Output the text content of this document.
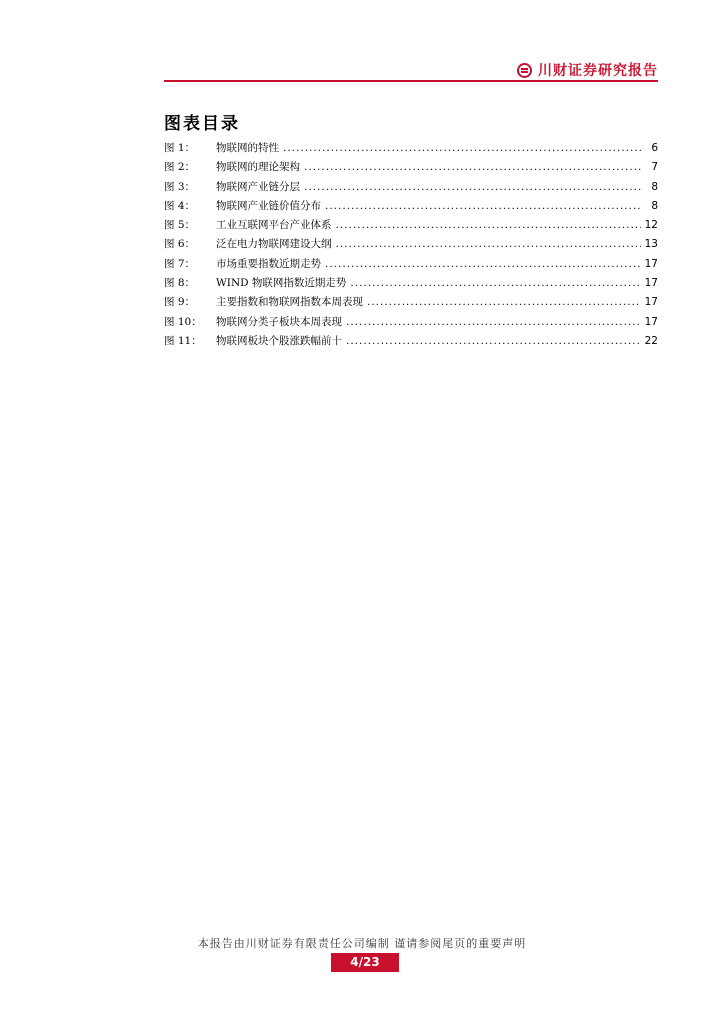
川财证券研究报告
图表目录
图 1：	物联网的特性 .....	6
图 2：	物联网的理论架构 .....	7
图 3：	物联网产业链分层 .....	8
图 4：	物联网产业链价值分布 .....	8
图 5：	工业互联网平台产业体系 .....	12
图 6：	泛在电力物联网建设大纲 .....	13
图 7：	市场重要指数近期走势 .....	17
图 8：	WIND 物联网指数近期走势 .....	17
图 9：	主要指数和物联网指数本周表现 .....	17
图 10：	物联网分类子板块本周表现 .....	17
图 11：	物联网板块个股涨跌幅前十 .....	22
本报告由川财证券有限责任公司编制 谨请参阅尾页的重要声明
4/23
